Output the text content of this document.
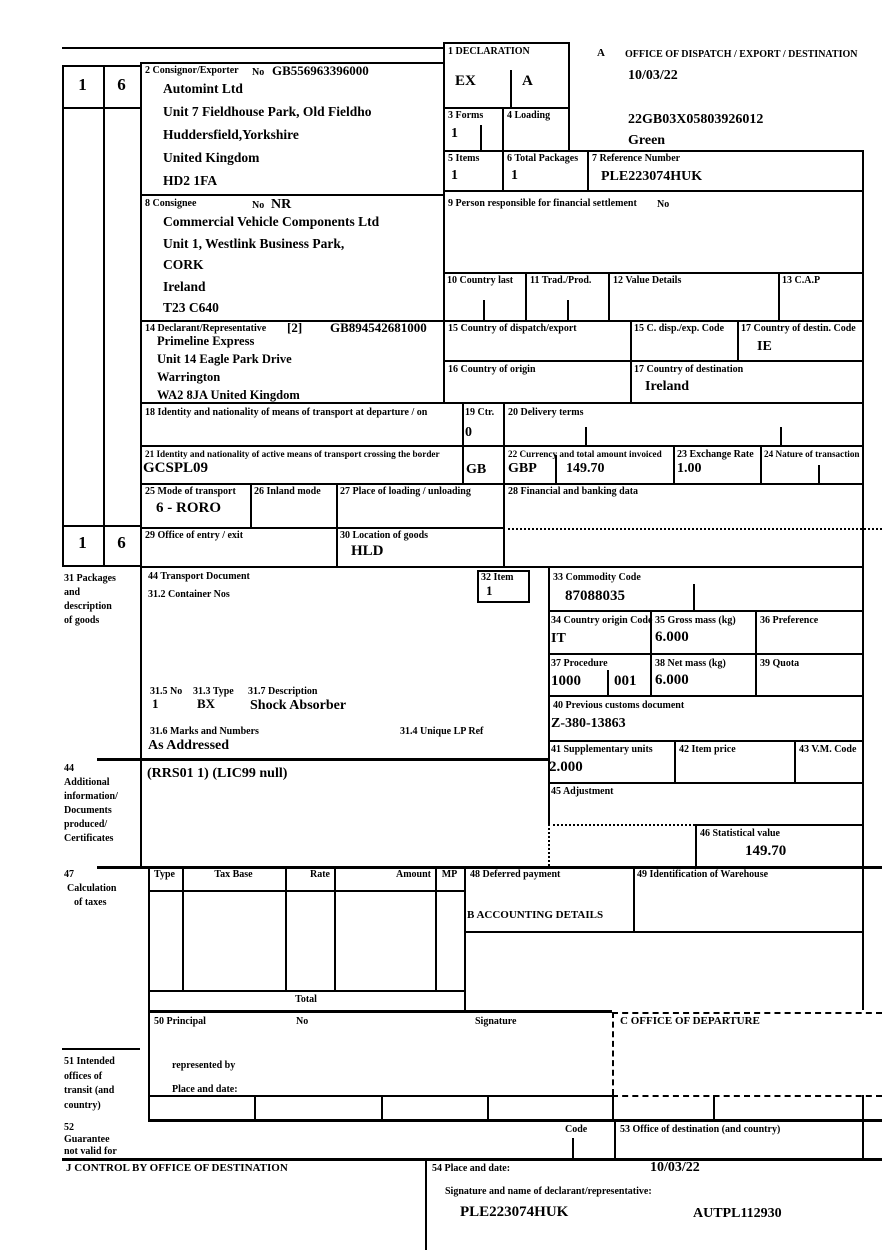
1	6
1	6
31 Packages
and
description
of goods
44
Additional
information/
Documents
produced/
Certificates
47
Calculation
of taxes
51 Intended
offices of
transit (and
country)
52
Guarantee
not valid for
2 Consignor/Exporter No GB556963396000
Automint Ltd
Unit 7 Fieldhouse Park, Old Fieldho
Huddersfield,Yorkshire
United Kingdom
HD2 1FA
1 DECLARATION
EX	A
A OFFICE OF DISPATCH / EXPORT / DESTINATION
10/03/22
22GB03X05803926012
Green
3 Forms
1
4 Loading
5 Items
1
6 Total Packages
1
7 Reference Number
PLE223074HUK
8 Consignee	No NR
Commercial Vehicle Components Ltd
Unit 1, Westlink Business Park,
CORK
Ireland
T23 C640
9 Person responsible for financial settlement No
10 Country last 11 Trad./Prod. 12 Value Details	13 C.A.P
14 Declarant/Representative [2] GB894542681000
Primeline Express
Unit 14 Eagle Park Drive
Warrington
WA2 8JA United Kingdom
15 Country of dispatch/export	15 C. disp./exp. Code 17 Country of destin. Code
IE
16 Country of origin	17 Country of destination
Ireland
18 Identity and nationality of means of transport at departure / on	19 Ctr.
0
20 Delivery terms
21 Identity and nationality of active means of transport crossing the border
GCSPL09	GB
22 Currency and total amount invoiced
GBP 149.70
23 Exchange Rate
1.00
24 Nature of transaction
25 Mode of transport
6 - RORO
26 Inland mode 27 Place of loading / unloading	28 Financial and banking data
29 Office of entry / exit	30 Location of goods
HLD
44 Transport Document
31.2 Container Nos
32 Item
1
33 Commodity Code
87088035
34 Country origin Code
IT
35 Gross mass (kg)
6.000
36 Preference
37 Procedure
1000 001
38 Net mass (kg)
6.000
39 Quota
31.5 No
1
31.3 Type
BX
31.7 Description
Shock Absorber	40 Previous customs document
Z-380-13863
31.6 Marks and Numbers
As Addressed
31.4 Unique LP Ref
41 Supplementary units
2.000
42 Item price	43 V.M. Code
(RRS01 1) (LIC99 null)
45 Adjustment
46 Statistical value
149.70
Type	Tax Base	Rate	Amount MP
Total
48 Deferred payment	49 Identification of Warehouse
B ACCOUNTING DETAILS
50 Principal	No	Signature	C OFFICE OF DEPARTURE
represented by
Place and date:
Code	53 Office of destination (and country)
J CONTROL BY OFFICE OF DESTINATION	54 Place and date:	10/03/22
Signature and name of declarant/representative:
PLE223074HUK	AUTPL112930
